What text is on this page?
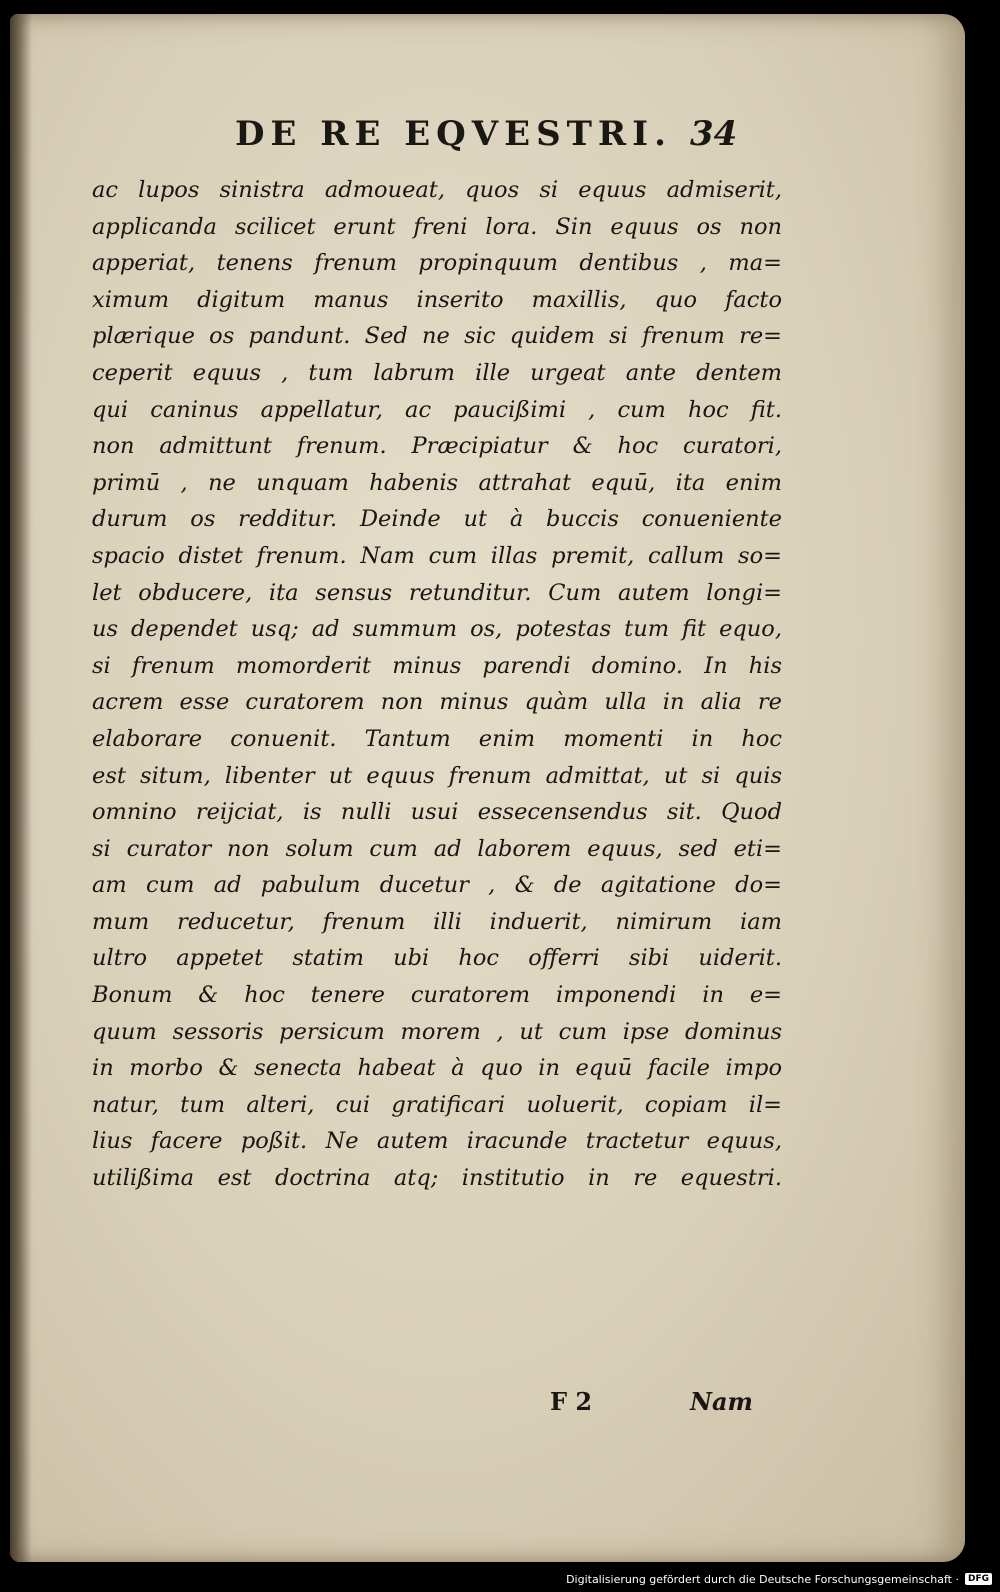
DE RE EQVESTRI. 34
ac lupos sinistra admoueat, quos si equus admiserit,
applicanda scilicet erunt freni lora. Sin equus os non
apperiat, tenens frenum propinquum dentibus , ma=
ximum digitum manus inserito maxillis, quo facto
plærique os pandunt. Sed ne sic quidem si frenum re=
ceperit equus , tum labrum ille urgeat ante dentem
qui caninus appellatur, ac paucißimi , cum hoc fit.
non admittunt frenum. Præcipiatur & hoc curatori,
primū , ne unquam habenis attrahat equū, ita enim
durum os redditur. Deinde ut à buccis conueniente
spacio distet frenum. Nam cum illas premit, callum so=
let obducere, ita sensus retunditur. Cum autem longi=
us dependet usq; ad summum os, potestas tum fit equo,
si frenum momorderit minus parendi domino. In his
acrem esse curatorem non minus quàm ulla in alia re
elaborare conuenit. Tantum enim momenti in hoc
est situm, libenter ut equus frenum admittat, ut si quis
omnino reijciat, is nulli usui essecensendus sit. Quod
si curator non solum cum ad laborem equus, sed eti=
am cum ad pabulum ducetur , & de agitatione do=
mum reducetur, frenum illi induerit, nimirum iam
ultro appetet statim ubi hoc offerri sibi uiderit.
Bonum & hoc tenere curatorem imponendi in e=
quum sessoris persicum morem , ut cum ipse dominus
in morbo & senecta habeat à quo in equū facile impo
natur, tum alteri, cui gratificari uoluerit, copiam il=
lius facere poßit. Ne autem iracunde tractetur equus,
utilißima est doctrina atq; institutio in re equestri.
F 2	Nam
Digitalisierung gefördert durch die Deutsche Forschungsgemeinschaft ·	DFG
